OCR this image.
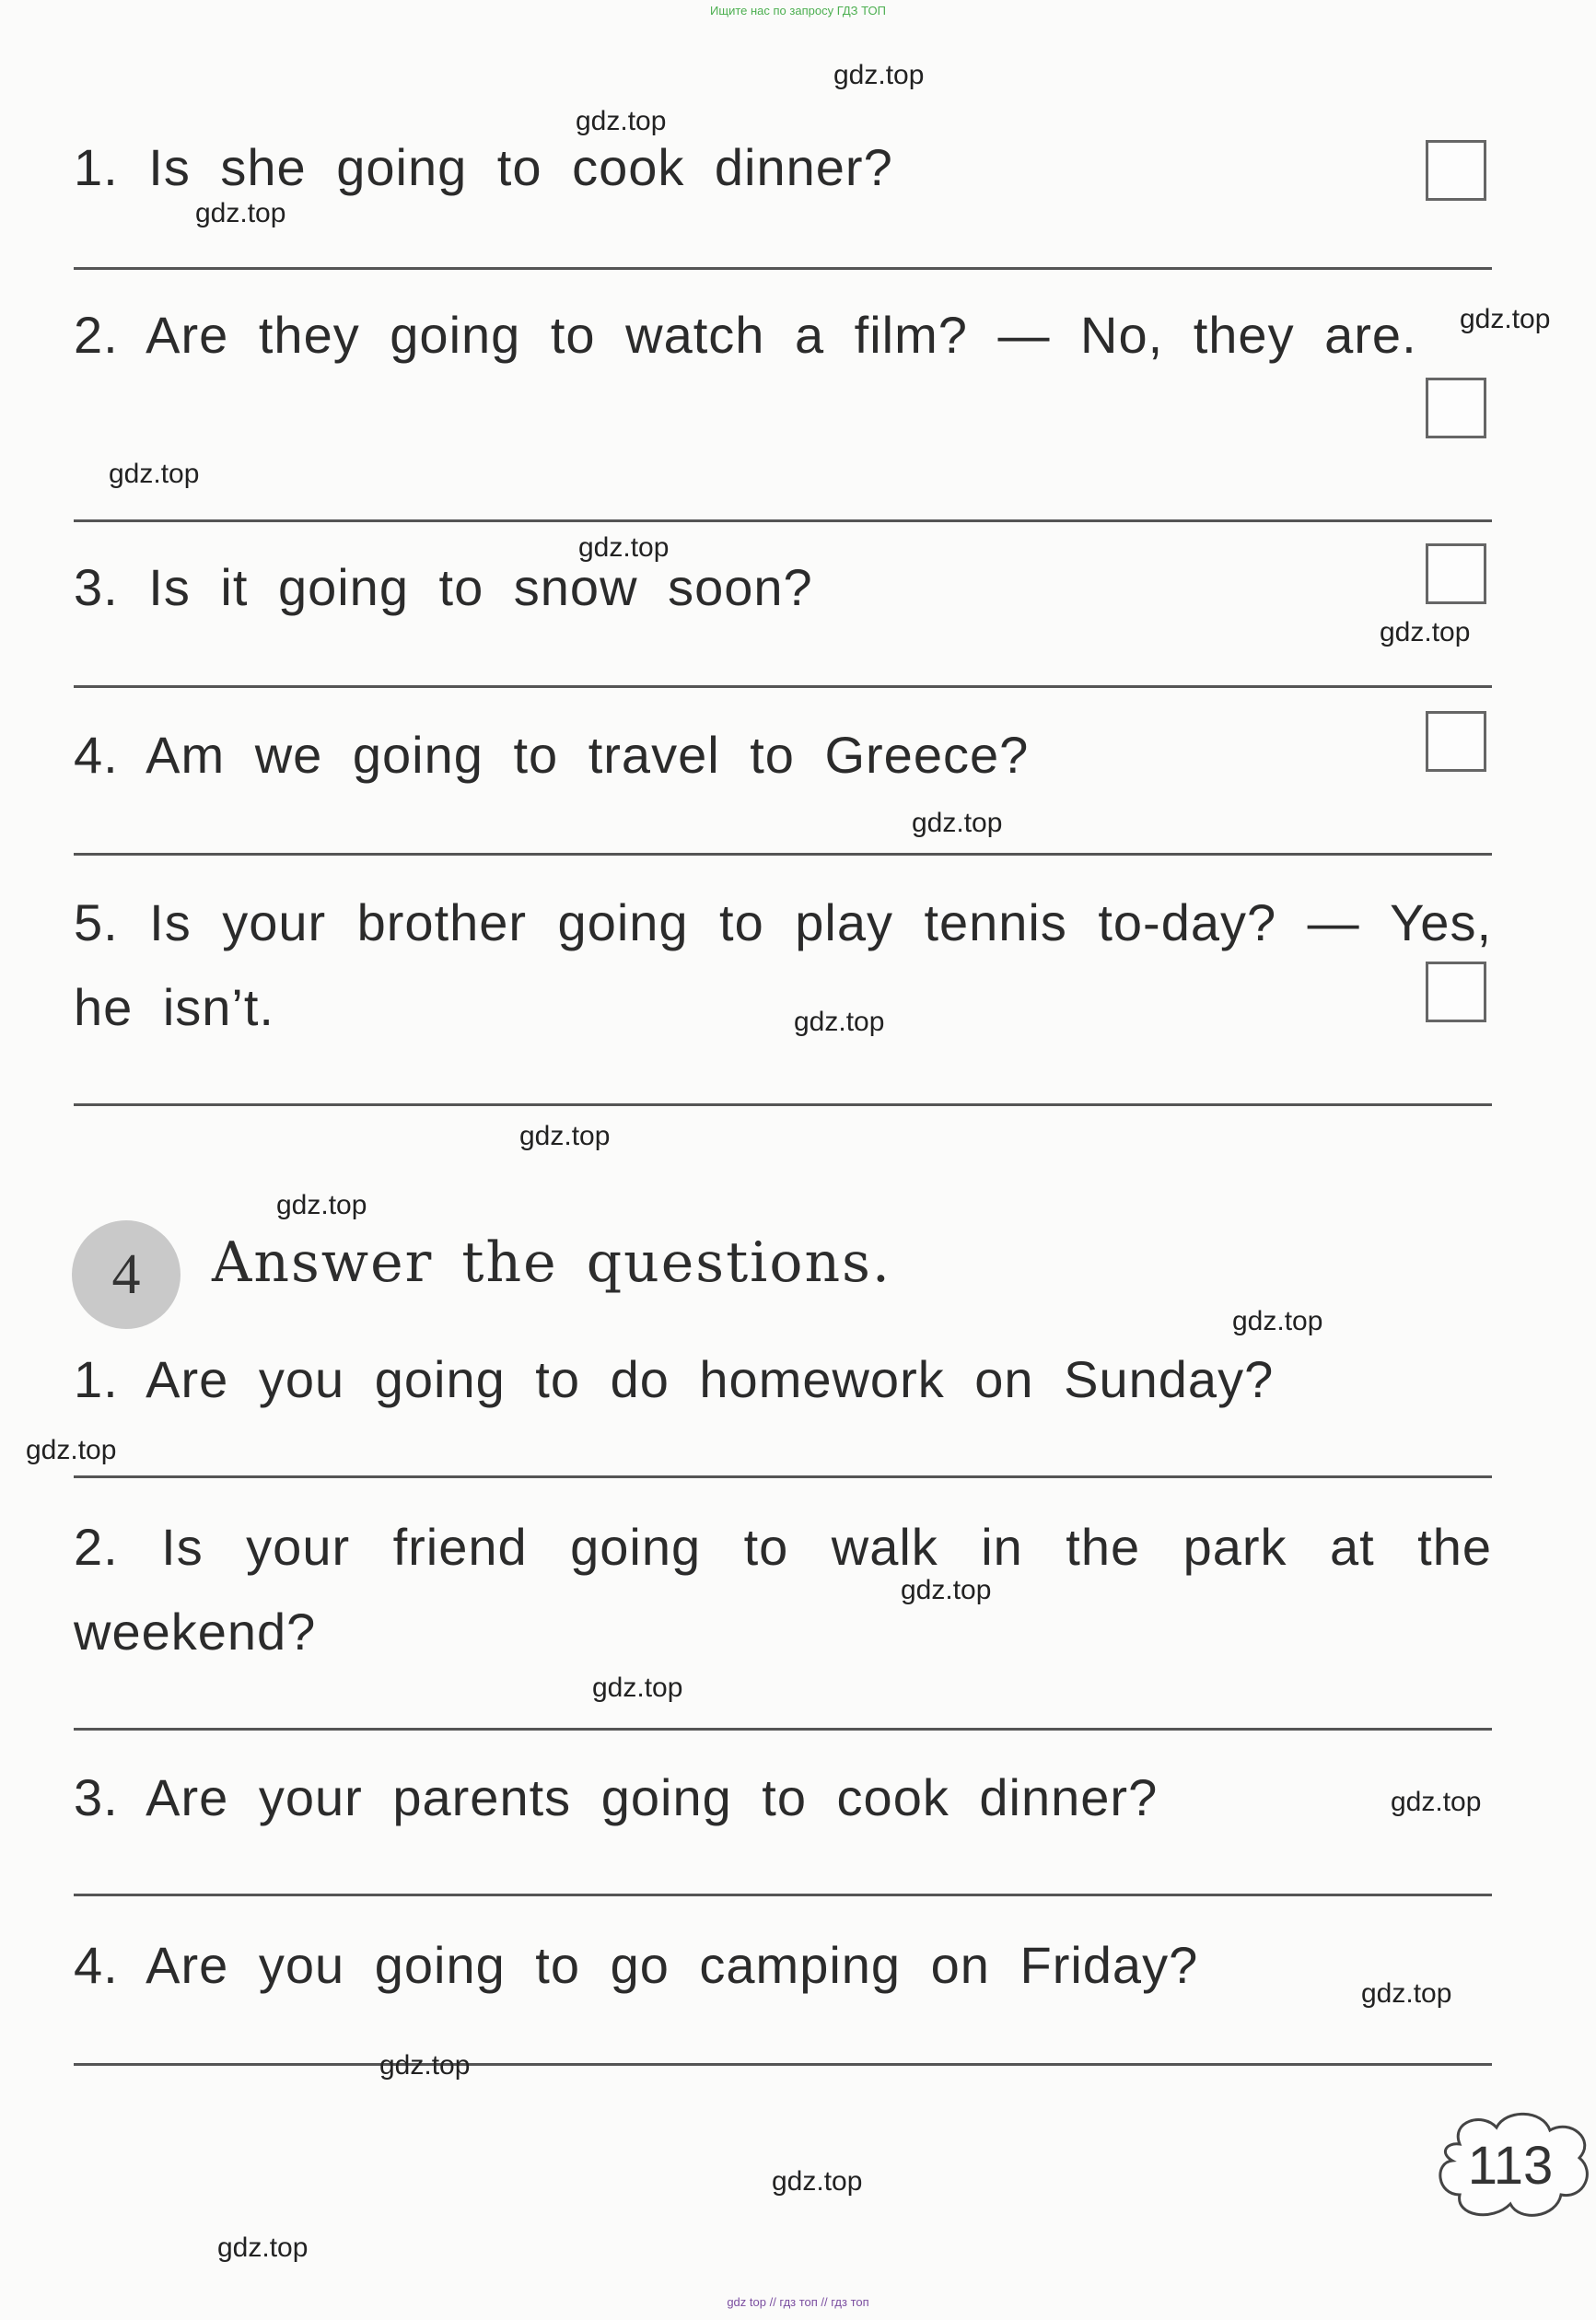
Ищите нас по запросу ГДЗ ТОП
1. Is she going to cook dinner?
2. Are they going to watch a film? — No, they are.
3. Is it going to snow soon?
4. Am we going to travel to Greece?
5. Is your brother going to play tennis to-day? — Yes, he isn’t.
4	Answer the questions.
1. Are you going to do homework on Sunday?
2. Is your friend going to walk in the park at the weekend?
3. Are your parents going to cook dinner?
4. Are you going to go camping on Friday?
113
gdz.top
gdz.top
gdz.top
gdz.top
gdz.top
gdz.top
gdz.top
gdz.top
gdz.top
gdz.top
gdz.top
gdz.top
gdz.top
gdz.top
gdz.top
gdz.top
gdz.top
gdz.top
gdz.top
gdz.top
gdz top // гдз топ // гдз топ
